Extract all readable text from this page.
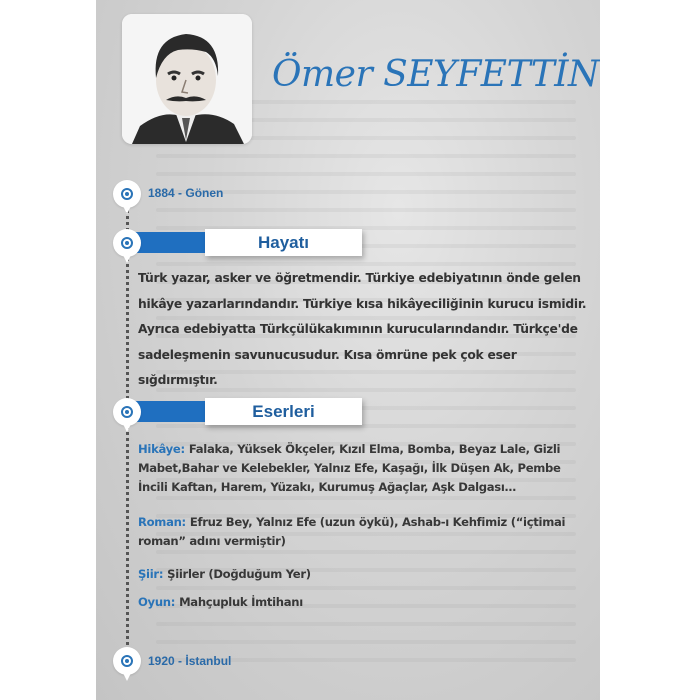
Ömer SEYFETTİN
1884 - Gönen
Hayatı
Türk yazar, asker ve öğretmendir. Türkiye edebiyatının önde gelen hikâye yazarlarındandır. Türkiye kısa hikâyeciliğinin kurucu ismidir. Ayrıca edebiyatta Türkçülükakımının kurucularındandır. Türkçe'de sadeleşmenin savunucusudur. Kısa ömrüne pek çok eser sığdırmıştır.
Eserleri
Hikâye: Falaka, Yüksek Ökçeler, Kızıl Elma, Bomba, Beyaz Lale, Gizli Mabet,Bahar ve Kelebekler, Yalnız Efe, Kaşağı, İlk Düşen Ak, Pembe İncili Kaftan, Harem, Yüzakı, Kurumuş Ağaçlar, Aşk Dalgası…
Roman: Efruz Bey, Yalnız Efe (uzun öykü), Ashab-ı Kehfimiz (“içtimai roman” adını vermiştir)
Şiir: Şiirler (Doğduğum Yer)
Oyun: Mahçupluk İmtihanı
1920 - İstanbul
